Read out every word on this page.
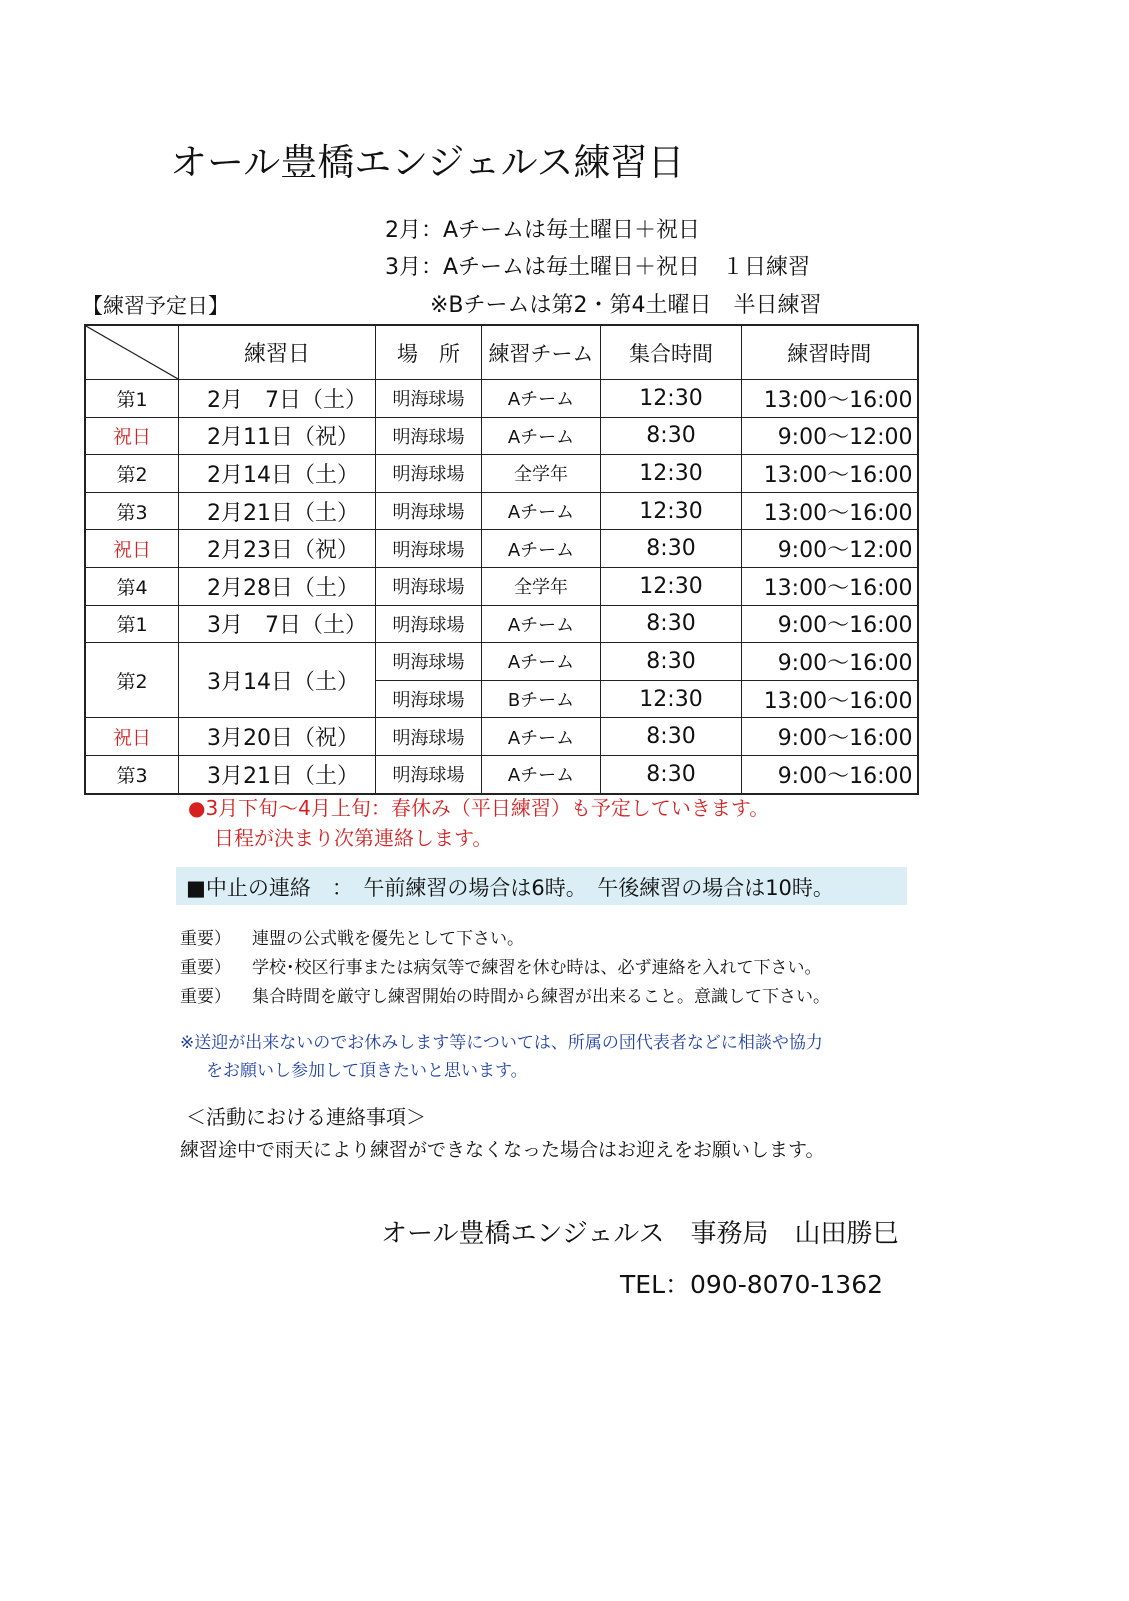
オール豊橋エンジェルス練習日
2月：Aチームは毎土曜日＋祝日
3月：Aチームは毎土曜日＋祝日　１日練習
※Bチームは第2・第4土曜日　半日練習
【練習予定日】
	練習日	場　所	練習チーム	集合時間	練習時間
第1	2月　7日（土）	明海球場	Aチーム	12:30	13:00～16:00
祝日	2月11日（祝）	明海球場	Aチーム	8:30	9:00～12:00
第2	2月14日（土）	明海球場	全学年	12:30	13:00～16:00
第3	2月21日（土）	明海球場	Aチーム	12:30	13:00～16:00
祝日	2月23日（祝）	明海球場	Aチーム	8:30	9:00～12:00
第4	2月28日（土）	明海球場	全学年	12:30	13:00～16:00
第1	3月　7日（土）	明海球場	Aチーム	8:30	9:00～16:00
第2	3月14日（土）	明海球場	Aチーム	8:30	9:00～16:00
		明海球場	Bチーム	12:30	13:00～16:00
祝日	3月20日（祝）	明海球場	Aチーム	8:30	9:00～16:00
第3	3月21日（土）	明海球場	Aチーム	8:30	9:00～16:00
●3月下旬～4月上旬：春休み（平日練習）も予定していきます。
日程が決まり次第連絡します。
■中止の連絡　：　午前練習の場合は6時。　午後練習の場合は10時。
重要） 連盟の公式戦を優先として下さい。
重要） 学校･校区行事または病気等で練習を休む時は、必ず連絡を入れて下さい。
重要） 集合時間を厳守し練習開始の時間から練習が出来ること。意識して下さい。
※送迎が出来ないのでお休みします等については、所属の団代表者などに相談や協力
をお願いし参加して頂きたいと思います。
＜活動における連絡事項＞
練習途中で雨天により練習ができなくなった場合はお迎えをお願いします。
オール豊橋エンジェルス　事務局　山田勝巳
TEL：090-8070-1362
